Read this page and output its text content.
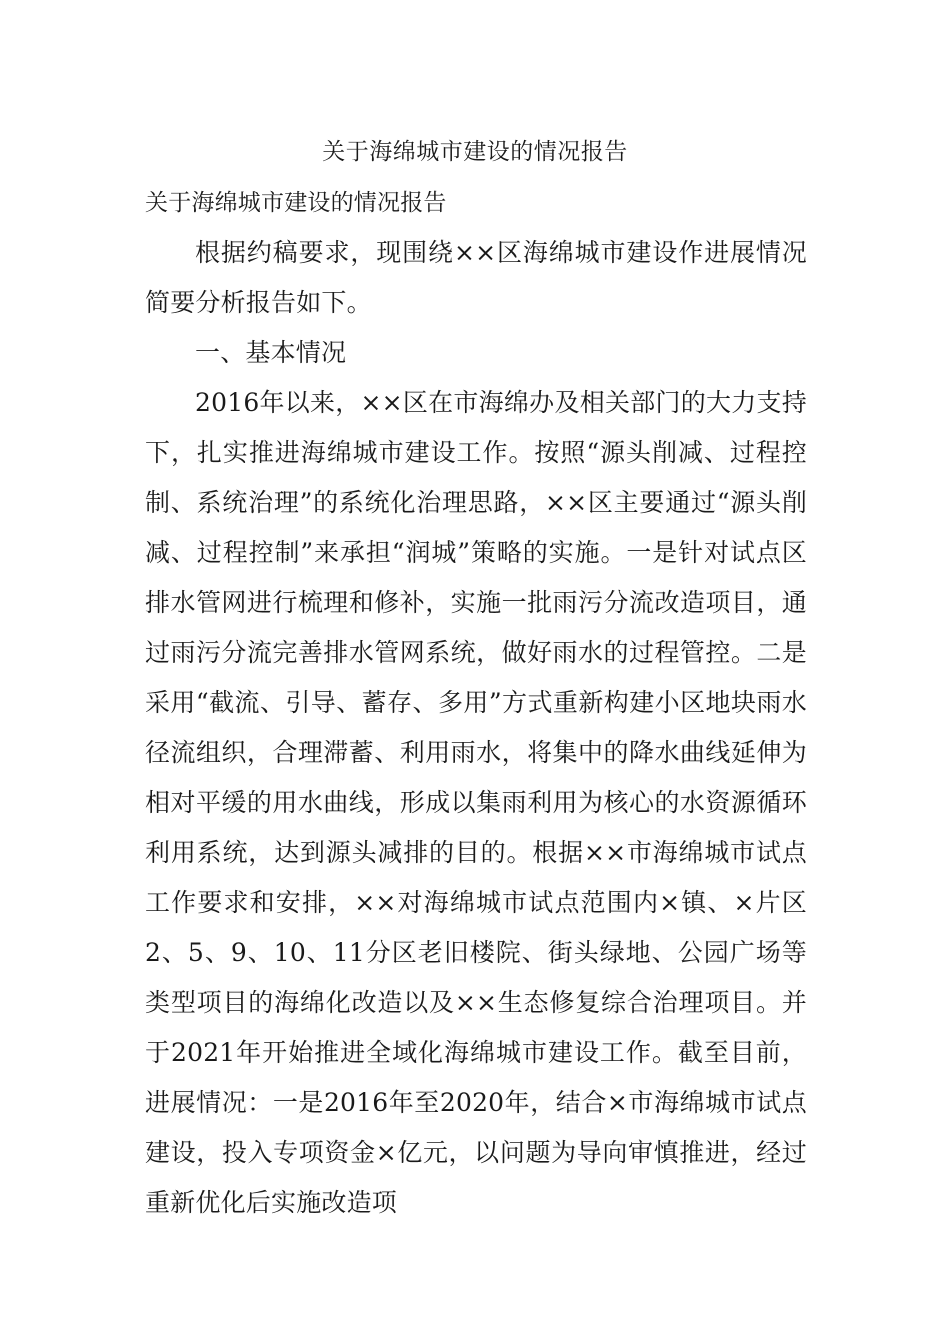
关于海绵城市建设的情况报告

关于海绵城市建设的情况报告

根据约稿要求，现围绕××区海绵城市建设作进展情况简要分析报告如下。

一、基本情况

2016年以来，××区在市海绵办及相关部门的大力支持下，扎实推进海绵城市建设工作。按照“源头削减、过程控制、系统治理”的系统化治理思路，××区主要通过“源头削减、过程控制”来承担“润城”策略的实施。一是针对试点区排水管网进行梳理和修补，实施一批雨污分流改造项目，通过雨污分流完善排水管网系统，做好雨水的过程管控。二是采用“截流、引导、蓄存、多用”方式重新构建小区地块雨水径流组织，合理滞蓄、利用雨水，将集中的降水曲线延伸为相对平缓的用水曲线，形成以集雨利用为核心的水资源循环利用系统，达到源头减排的目的。根据××市海绵城市试点工作要求和安排，××对海绵城市试点范围内×镇、×片区2、5、9、10、11分区老旧楼院、街头绿地、公园广场等类型项目的海绵化改造以及××生态修复综合治理项目。并于2021年开始推进全域化海绵城市建设工作。截至目前，进展情况：一是2016年至2020年，结合×市海绵城市试点建设，投入专项资金×亿元，以问题为导向审慎推进，经过重新优化后实施改造项
